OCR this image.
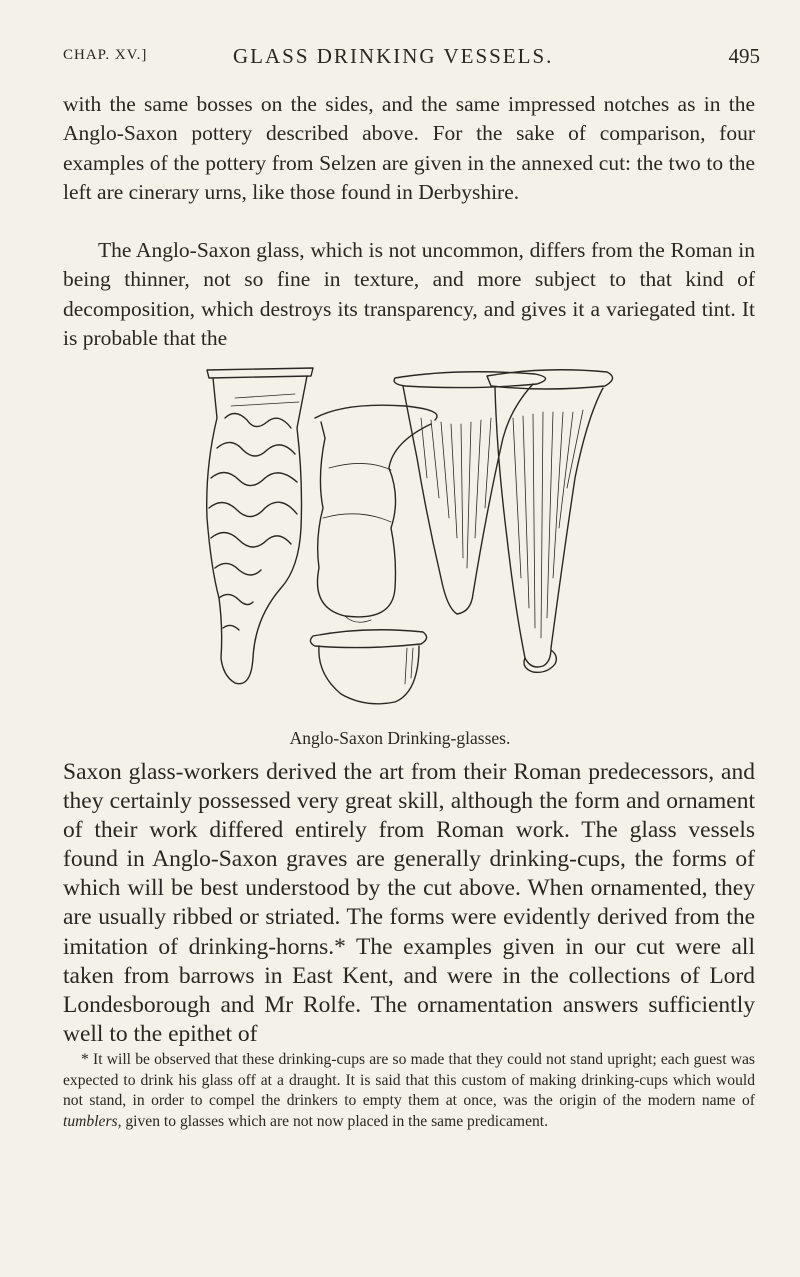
CHAP. XV.]	GLASS DRINKING VESSELS.	495

with the same bosses on the sides, and the same impressed notches as in the Anglo-Saxon pottery described above. For the sake of comparison, four examples of the pottery from Selzen are given in the annexed cut: the two to the left are cinerary urns, like those found in Derbyshire.

The Anglo-Saxon glass, which is not uncommon, differs from the Roman in being thinner, not so fine in texture, and more subject to that kind of decomposition, which destroys its transparency, and gives it a variegated tint. It is probable that the

Anglo-Saxon Drinking-glasses.

Saxon glass-workers derived the art from their Roman predecessors, and they certainly possessed very great skill, although the form and ornament of their work differed entirely from Roman work. The glass vessels found in Anglo-Saxon graves are generally drinking-cups, the forms of which will be best understood by the cut above. When ornamented, they are usually ribbed or striated. The forms were evidently derived from the imitation of drinking-horns.* The examples given in our cut were all taken from barrows in East Kent, and were in the collections of Lord Londesborough and Mr Rolfe. The ornamentation answers sufficiently well to the epithet of

* It will be observed that these drinking-cups are so made that they could not stand upright; each guest was expected to drink his glass off at a draught. It is said that this custom of making drinking-cups which would not stand, in order to compel the drinkers to empty them at once, was the origin of the modern name of tumblers, given to glasses which are not now placed in the same predicament.
